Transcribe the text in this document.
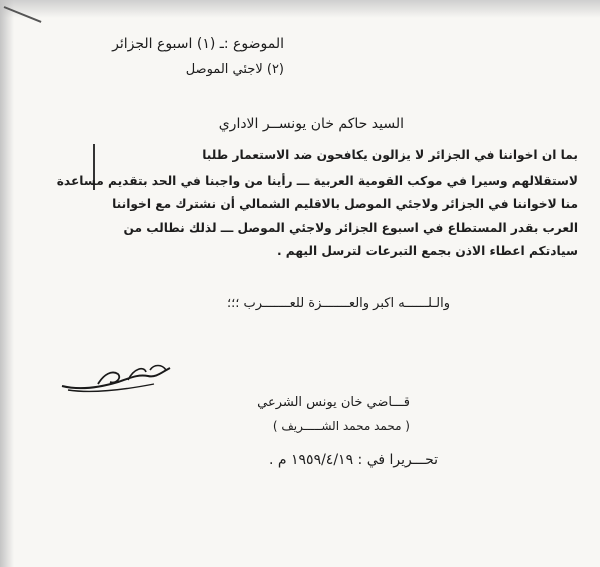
الموضوع :ـ (١) اسبوع الجزائر
(٢) لاجئي الموصل
السيد حاكم خان يونســر الاداري
بما ان اخواننا في الجزائر لا يزالون يكافحون ضد الاستعمار طلبا
لاستقلالهم وسيرا في موكب القومية العربية ـــ رأينا من واجبنا في الحد بتقديم مساعدة
منا لاخواننا في الجزائر ولاجئي الموصل بالاقليم الشمالي أن نشترك مع اخواننا
العرب بقدر المستطاع في اسبوع الجزائر ولاجئي الموصل ـــ لذلك نطالب من
سيادتكم اعطاء الاذن بجمع التبرعات لترسل اليهم .
والـلــــــه اكبر والعـــــــزة للعـــــــرب ؛؛؛
قـــاضي خان يونس الشرعي
( محمد محمد الشـــــريف )
تحـــريرا في : ١٩٥٩/٤/١٩ م .
